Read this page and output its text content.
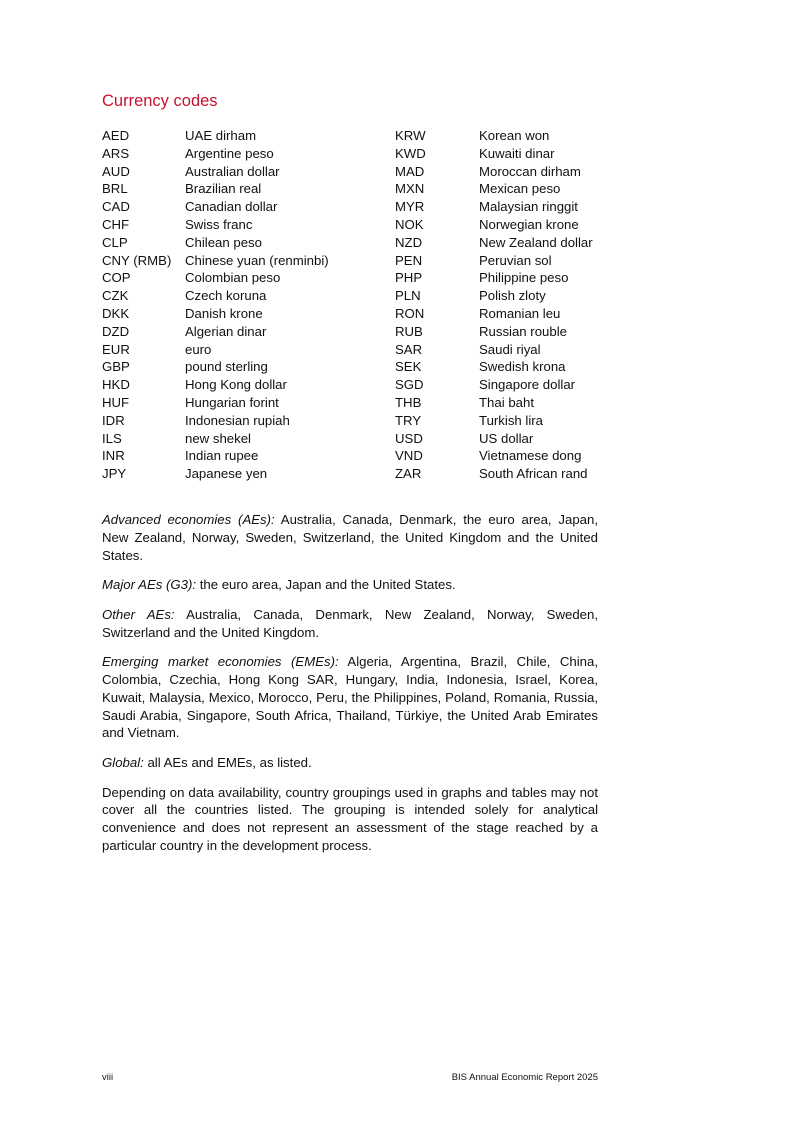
Currency codes
AED	UAE dirham	KRW	Korean won
ARS	Argentine peso	KWD	Kuwaiti dinar
AUD	Australian dollar	MAD	Moroccan dirham
BRL	Brazilian real	MXN	Mexican peso
CAD	Canadian dollar	MYR	Malaysian ringgit
CHF	Swiss franc	NOK	Norwegian krone
CLP	Chilean peso	NZD	New Zealand dollar
CNY (RMB)	Chinese yuan (renminbi)	PEN	Peruvian sol
COP	Colombian peso	PHP	Philippine peso
CZK	Czech koruna	PLN	Polish zloty
DKK	Danish krone	RON	Romanian leu
DZD	Algerian dinar	RUB	Russian rouble
EUR	euro	SAR	Saudi riyal
GBP	pound sterling	SEK	Swedish krona
HKD	Hong Kong dollar	SGD	Singapore dollar
HUF	Hungarian forint	THB	Thai baht
IDR	Indonesian rupiah	TRY	Turkish lira
ILS	new shekel	USD	US dollar
INR	Indian rupee	VND	Vietnamese dong
JPY	Japanese yen	ZAR	South African rand

Advanced economies (AEs): Australia, Canada, Denmark, the euro area, Japan, New Zealand, Norway, Sweden, Switzerland, the United Kingdom and the United States.

Major AEs (G3): the euro area, Japan and the United States.

Other AEs: Australia, Canada, Denmark, New Zealand, Norway, Sweden, Switzerland and the United Kingdom.

Emerging market economies (EMEs): Algeria, Argentina, Brazil, Chile, China, Colombia, Czechia, Hong Kong SAR, Hungary, India, Indonesia, Israel, Korea, Kuwait, Malaysia, Mexico, Morocco, Peru, the Philippines, Poland, Romania, Russia, Saudi Arabia, Singapore, South Africa, Thailand, Türkiye, the United Arab Emirates and Vietnam.

Global: all AEs and EMEs, as listed.

Depending on data availability, country groupings used in graphs and tables may not cover all the countries listed. The grouping is intended solely for analytical convenience and does not represent an assessment of the stage reached by a particular country in the development process.

viii	BIS Annual Economic Report 2025
